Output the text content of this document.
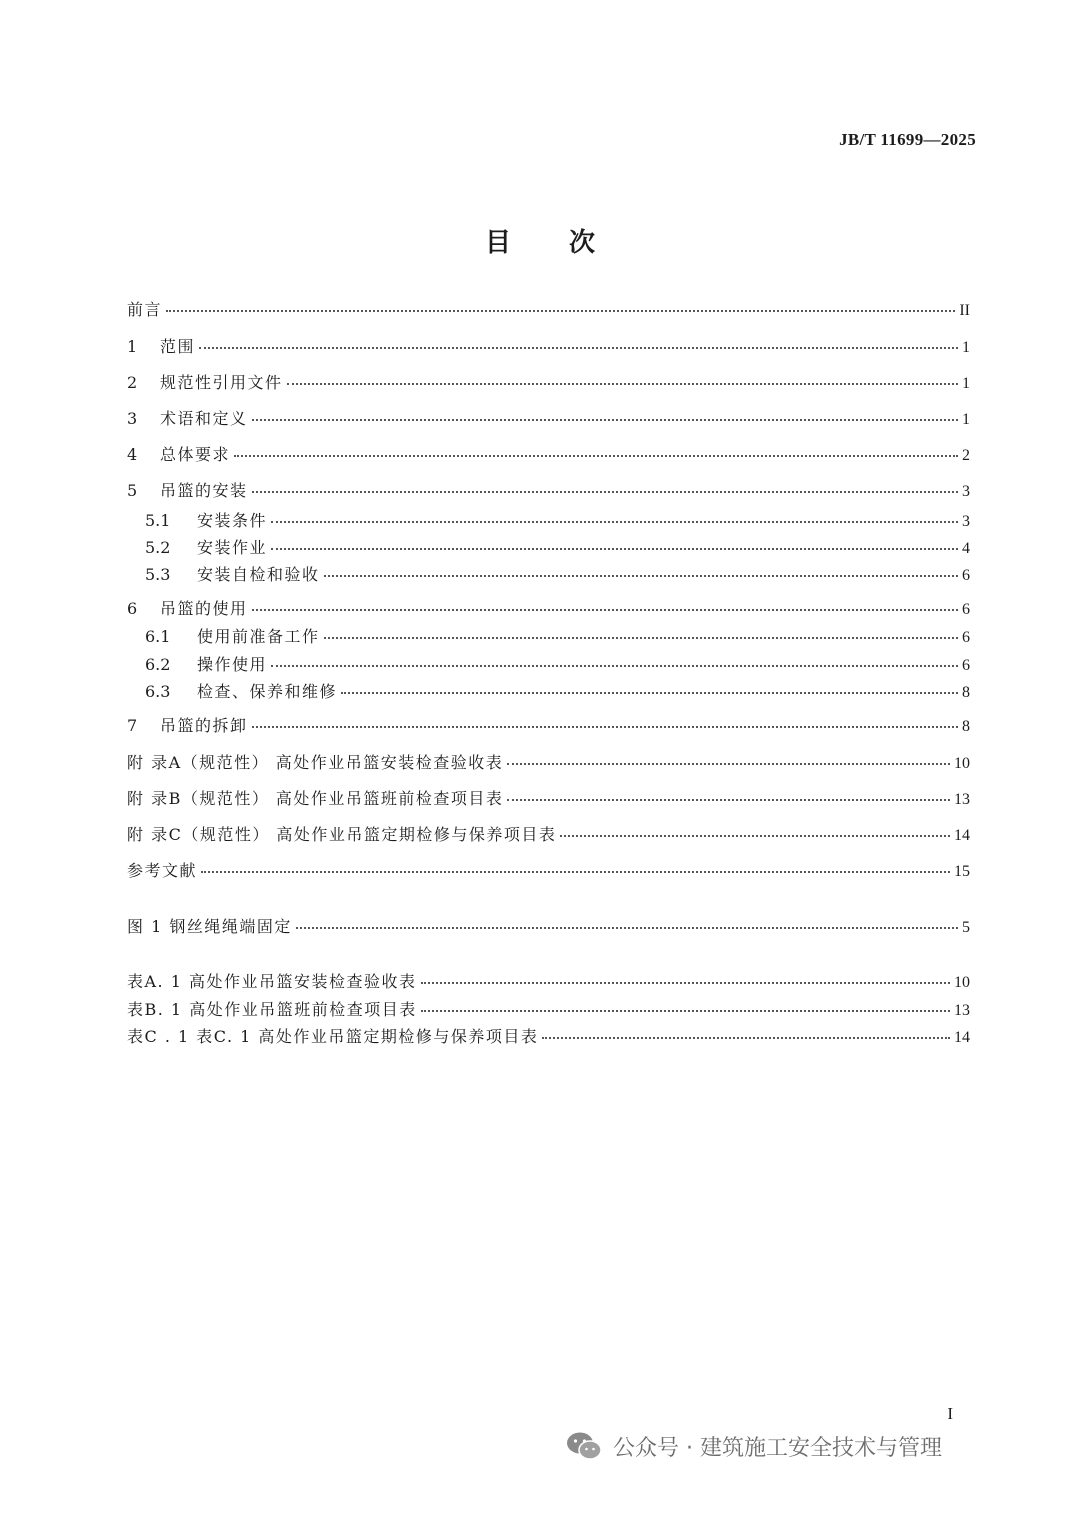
JB/T 11699—2025
目 次
前言	II
1	范围	1
2	规范性引用文件	1
3	术语和定义	1
4	总体要求	2
5	吊篮的安装	3
5.1	安装条件	3
5.2	安装作业	4
5.3	安装自检和验收	6
6	吊篮的使用	6
6.1	使用前准备工作	6
6.2	操作使用	6
6.3	检查、保养和维修	8
7	吊篮的拆卸	8
附 录A（规范性） 高处作业吊篮安装检查验收表	10
附 录B（规范性） 高处作业吊篮班前检查项目表	13
附 录C（规范性） 高处作业吊篮定期检修与保养项目表	14
参考文献	15
图 1 钢丝绳绳端固定	5
表A. 1 高处作业吊篮安装检查验收表	10
表B. 1 高处作业吊篮班前检查项目表	13
表C . 1 表C. 1 高处作业吊篮定期检修与保养项目表	14
I
公众号 · 建筑施工安全技术与管理
